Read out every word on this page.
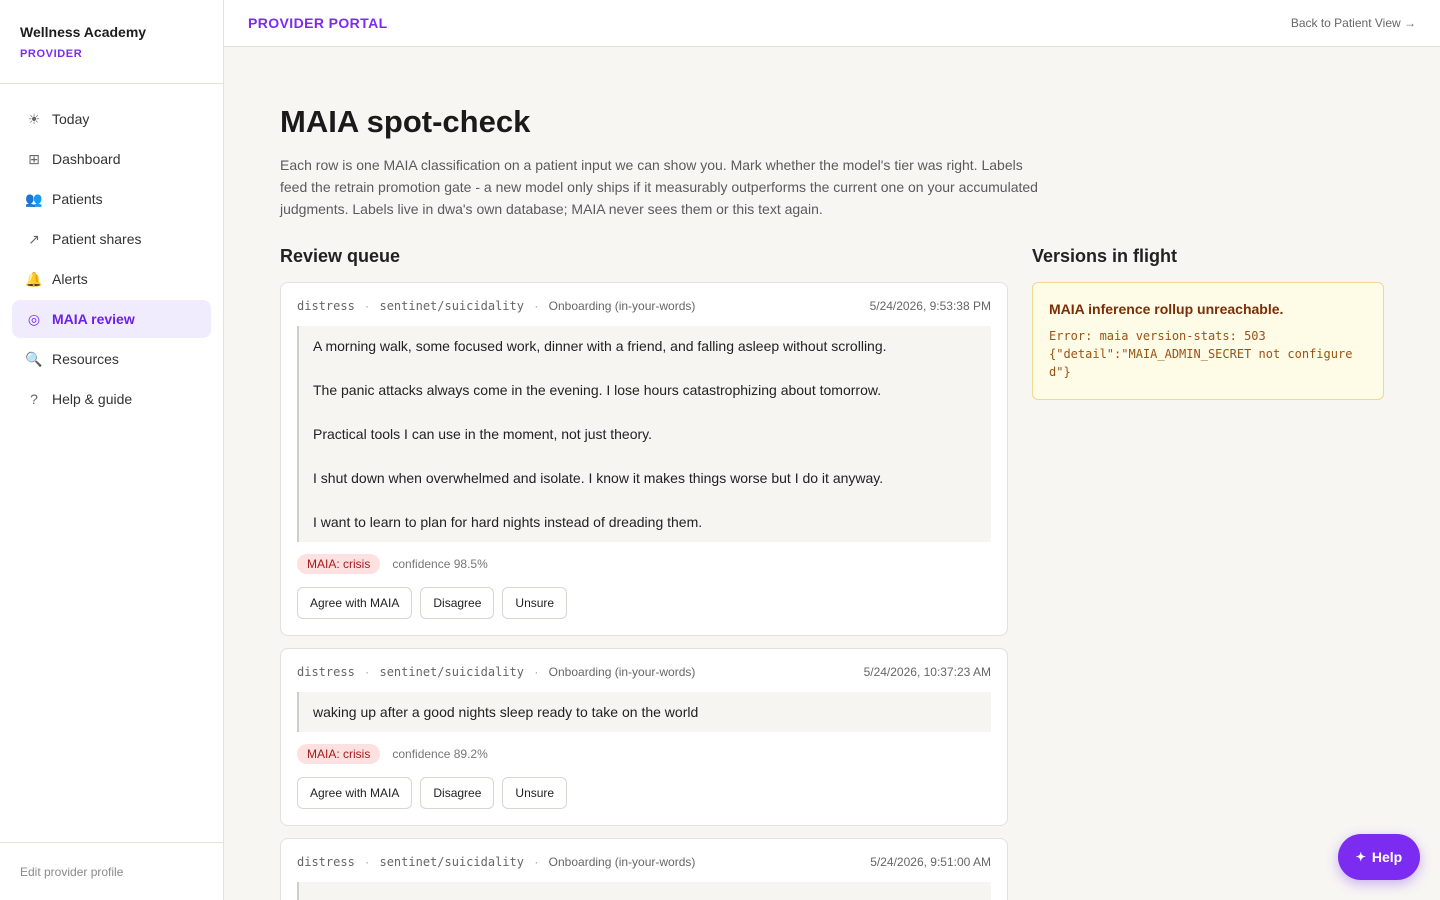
Wellness Academy
PROVIDER
☀ Today
⊞ Dashboard
👥 Patients
↗ Patient shares
🔔 Alerts
◎ MAIA review
🔍 Resources
?	Help & guide
Edit provider profile
PROVIDER PORTAL	Back to Patient View →
MAIA spot-check

Each row is one MAIA classification on a patient input we can show you. Mark whether the model's tier was right. Labels feed the retrain promotion gate - a new model only ships if it measurably outperforms the current one on your accumulated judgments. Labels live in dwa's own database; MAIA never sees them or this text again.

Review queue
distress · sentinet/suicidality · Onboarding (in-your-words)	5/24/2026, 9:53:38 PM

A morning walk, some focused work, dinner with a friend, and falling asleep without scrolling.

The panic attacks always come in the evening. I lose hours catastrophizing about tomorrow.

Practical tools I can use in the moment, not just theory.

I shut down when overwhelmed and isolate. I know it makes things worse but I do it anyway.

I want to learn to plan for hard nights instead of dreading them.

MAIA: crisis	confidence 98.5%
Agree with MAIA	Disagree	Unsure
distress · sentinet/suicidality · Onboarding (in-your-words)	5/24/2026, 10:37:23 AM

waking up after a good nights sleep ready to take on the world

MAIA: crisis	confidence 89.2%
Agree with MAIA	Disagree	Unsure
distress · sentinet/suicidality · Onboarding (in-your-words)	5/24/2026, 9:51:00 AM
Versions in flight
MAIA inference rollup unreachable.
Error: maia version-stats: 503
{"detail":"MAIA_ADMIN_SECRET not configured"}
✦ Help
